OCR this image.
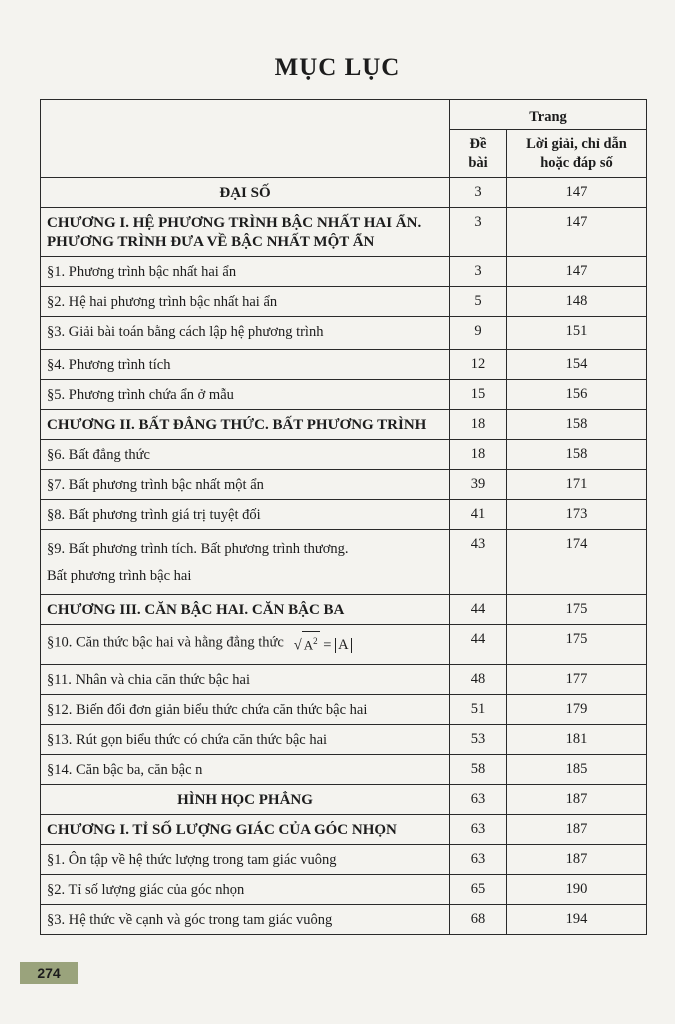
MỤC LỤC
	Trang	
	Đề
bài	Lời giải, chỉ dẫn
hoặc đáp số
ĐẠI SỐ	3	147
CHƯƠNG I. HỆ PHƯƠNG TRÌNH BẬC NHẤT HAI ẨN.
PHƯƠNG TRÌNH ĐƯA VỀ BẬC NHẤT MỘT ẨN	3	147
§1. Phương trình bậc nhất hai ẩn	3	147
§2. Hệ hai phương trình bậc nhất hai ẩn	5	148
§3. Giải bài toán bằng cách lập hệ phương trình	9	151
§4. Phương trình tích	12	154
§5. Phương trình chứa ẩn ở mẫu	15	156
CHƯƠNG II. BẤT ĐẲNG THỨC. BẤT PHƯƠNG TRÌNH	18	158
§6. Bất đẳng thức	18	158
§7. Bất phương trình bậc nhất một ẩn	39	171
§8. Bất phương trình giá trị tuyệt đối	41	173
§9. Bất phương trình tích. Bất phương trình thương.
Bất phương trình bậc hai	43	174
CHƯƠNG III. CĂN BẬC HAI. CĂN BẬC BA	44	175
§10. Căn thức bậc hai và hằng đẳng thức √ $A^2 = A$	44	175
§11. Nhân và chia căn thức bậc hai	48	177
§12. Biến đổi đơn giản biểu thức chứa căn thức bậc hai	51	179
§13. Rút gọn biểu thức có chứa căn thức bậc hai	53	181
§14. Căn bậc ba, căn bậc n	58	185
HÌNH HỌC PHẲNG	63	187
CHƯƠNG I. TỈ SỐ LƯỢNG GIÁC CỦA GÓC NHỌN	63	187
§1. Ôn tập về hệ thức lượng trong tam giác vuông	63	187
§2. Tỉ số lượng giác của góc nhọn	65	190
§3. Hệ thức về cạnh và góc trong tam giác vuông	68	194
274
